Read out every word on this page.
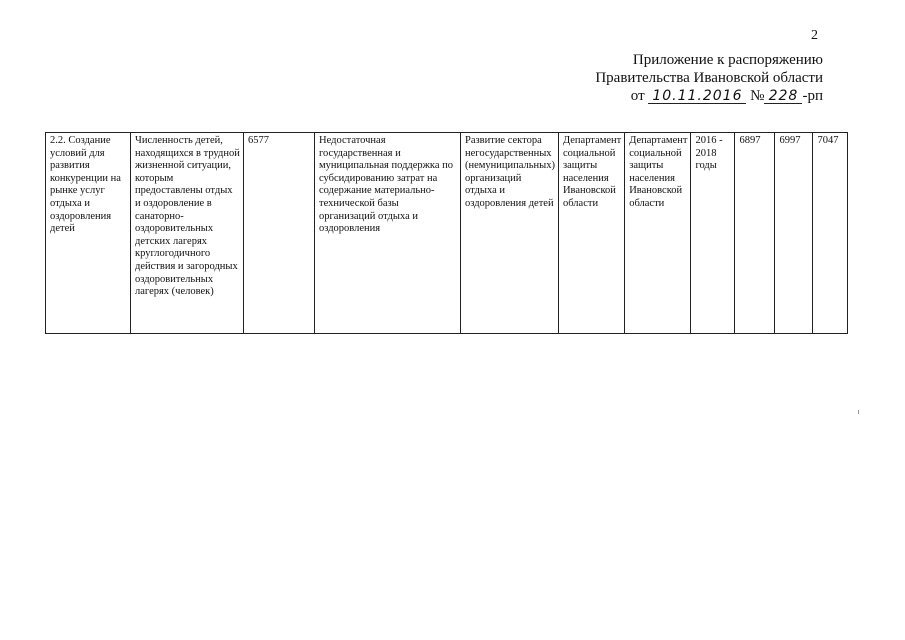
2
Приложение к распоряжению
Правительства Ивановской области
от 10.11.2016 № 228 -рп
2.2. Создание условий для развития конкуренции на рынке услуг отдыха и оздоровления детей	Численность детей, находящихся в трудной жизненной ситуации, которым предоставлены отдых и оздоровление в санаторно-оздоровительных детских лагерях круглогодичного действия и загородных оздоровительных лагерях (человек)	6577	Недостаточная государственная и муниципальная поддержка по субсидированию затрат на содержание материально-технической базы организаций отдыха и оздоровления	Развитие сектора негосударственных (немуниципальных) организаций отдыха и оздоровления детей	Департамент социальной защиты населения Ивановской области	Департамент социальной защиты населения Ивановской области	2016 - 2018 годы	6897	6997	7047
